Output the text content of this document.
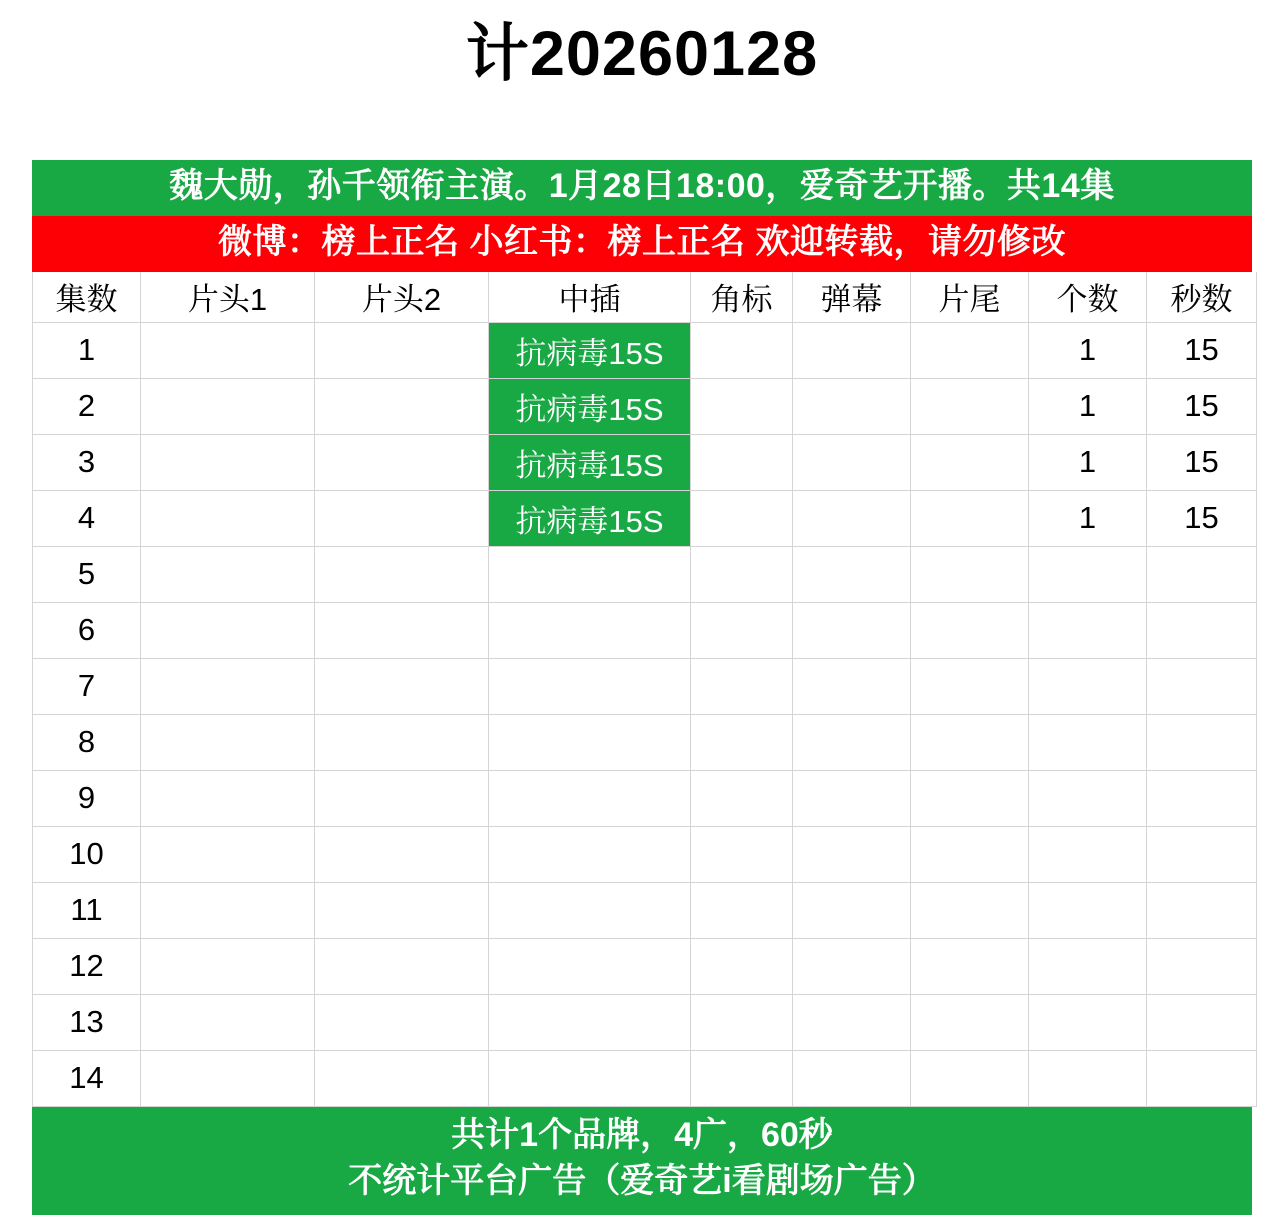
计20260128
魏大勋，孙千领衔主演。1月28日18:00，爱奇艺开播。共14集
微博：榜上正名 小红书：榜上正名 欢迎转载，请勿修改
集数	片头1	片头2	中插	角标	弹幕	片尾	个数	秒数
1			抗病毒15S				1	15
2			抗病毒15S				1	15
3			抗病毒15S				1	15
4			抗病毒15S				1	15
5								
6								
7								
8								
9								
10								
11								
12								
13								
14								
共计1个品牌，4广，60秒
不统计平台广告（爱奇艺i看剧场广告）
